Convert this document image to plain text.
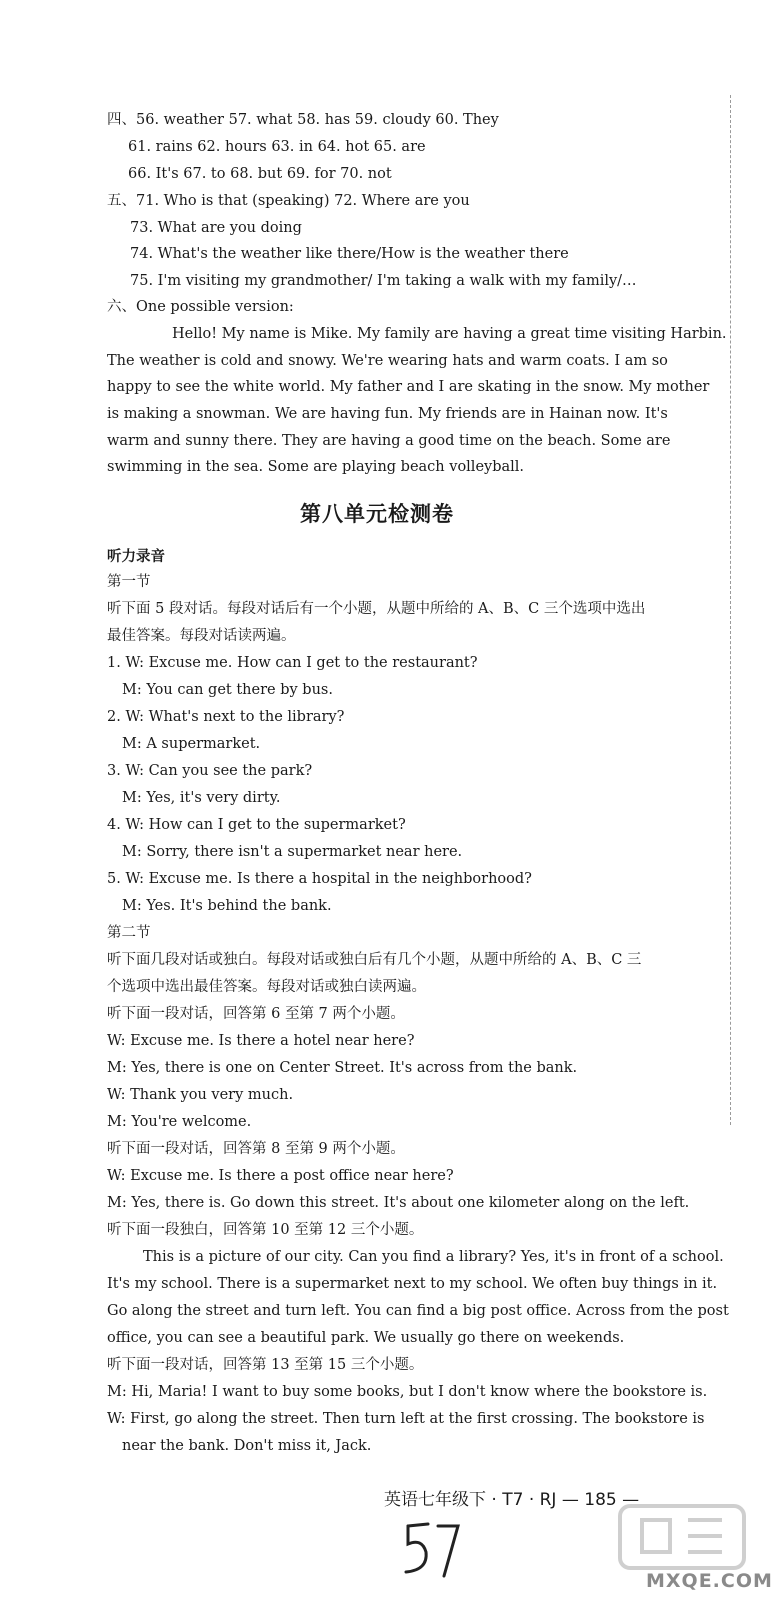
四、56. weather 57. what 58. has 59. cloudy 60. They
61. rains 62. hours 63. in 64. hot 65. are
66. It's 67. to 68. but 69. for 70. not
五、71. Who is that (speaking) 72. Where are you
73. What are you doing
74. What's the weather like there/How is the weather there
75. I'm visiting my grandmother/ I'm taking a walk with my family/…
六、One possible version:
Hello! My name is Mike. My family are having a great time visiting Harbin.
The weather is cold and snowy. We're wearing hats and warm coats. I am so
happy to see the white world. My father and I are skating in the snow. My mother
is making a snowman. We are having fun. My friends are in Hainan now. It's
warm and sunny there. They are having a good time on the beach. Some are
swimming in the sea. Some are playing beach volleyball.
第八单元检测卷
听力录音
第一节
听下面 5 段对话。每段对话后有一个小题，从题中所给的 A、B、C 三个选项中选出
最佳答案。每段对话读两遍。
1. W: Excuse me. How can I get to the restaurant?
M: You can get there by bus.
2. W: What's next to the library?
M: A supermarket.
3. W: Can you see the park?
M: Yes, it's very dirty.
4. W: How can I get to the supermarket?
M: Sorry, there isn't a supermarket near here.
5. W: Excuse me. Is there a hospital in the neighborhood?
M: Yes. It's behind the bank.
第二节
听下面几段对话或独白。每段对话或独白后有几个小题，从题中所给的 A、B、C 三
个选项中选出最佳答案。每段对话或独白读两遍。
听下面一段对话，回答第 6 至第 7 两个小题。
W: Excuse me. Is there a hotel near here?
M: Yes, there is one on Center Street. It's across from the bank.
W: Thank you very much.
M: You're welcome.
听下面一段对话，回答第 8 至第 9 两个小题。
W: Excuse me. Is there a post office near here?
M: Yes, there is. Go down this street. It's about one kilometer along on the left.
听下面一段独白，回答第 10 至第 12 三个小题。
This is a picture of our city. Can you find a library? Yes, it's in front of a school.
It's my school. There is a supermarket next to my school. We often buy things in it.
Go along the street and turn left. You can find a big post office. Across from the post
office, you can see a beautiful park. We usually go there on weekends.
听下面一段对话，回答第 13 至第 15 三个小题。
M: Hi, Maria! I want to buy some books, but I don't know where the bookstore is.
W: First, go along the street. Then turn left at the first crossing. The bookstore is
near the bank. Don't miss it, Jack.
英语七年级下 · T7 · RJ — 185 —
MXQE.COM
